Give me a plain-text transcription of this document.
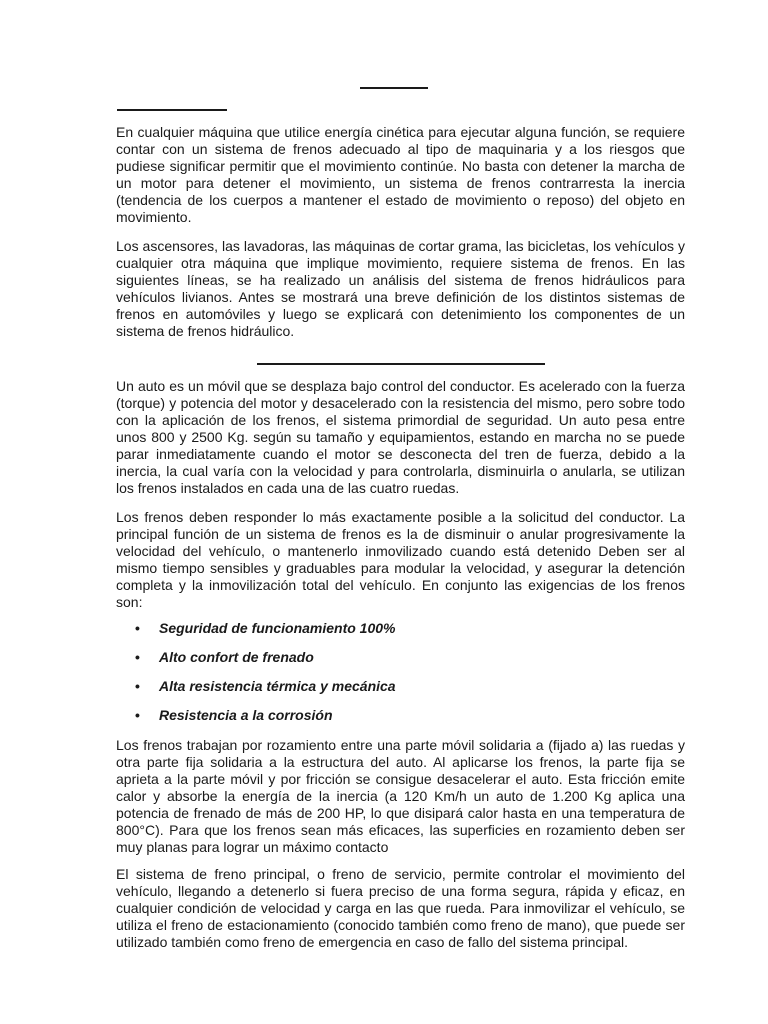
En cualquier máquina que utilice energía cinética para ejecutar alguna función, se requiere contar con un sistema de frenos adecuado al tipo de maquinaria y a los riesgos que pudiese significar permitir que el movimiento continúe. No basta con detener la marcha de un motor para detener el movimiento, un sistema de frenos contrarresta la inercia (tendencia de los cuerpos a mantener el estado de movimiento o reposo) del objeto en movimiento.

Los ascensores, las lavadoras, las máquinas de cortar grama, las bicicletas, los vehículos y cualquier otra máquina que implique movimiento, requiere sistema de frenos. En las siguientes líneas, se ha realizado un análisis del sistema de frenos hidráulicos para vehículos livianos. Antes se mostrará una breve definición de los distintos sistemas de frenos en automóviles y luego se explicará con detenimiento los componentes de un sistema de frenos hidráulico.

Un auto es un móvil que se desplaza bajo control del conductor. Es acelerado con la fuerza (torque) y potencia del motor y desacelerado con la resistencia del mismo, pero sobre todo con la aplicación de los frenos, el sistema primordial de seguridad. Un auto pesa entre unos 800 y 2500 Kg. según su tamaño y equipamientos, estando en marcha no se puede parar inmediatamente cuando el motor se desconecta del tren de fuerza, debido a la inercia, la cual varía con la velocidad y para controlarla, disminuirla o anularla, se utilizan los frenos instalados en cada una de las cuatro ruedas.

Los frenos deben responder lo más exactamente posible a la solicitud del conductor. La principal función de un sistema de frenos es la de disminuir o anular progresivamente la velocidad del vehículo, o mantenerlo inmovilizado cuando está detenido Deben ser al mismo tiempo sensibles y graduables para modular la velocidad, y asegurar la detención completa y la inmovilización total del vehículo. En conjunto las exigencias de los frenos son:

• Seguridad de funcionamiento 100%
• Alto confort de frenado
• Alta resistencia térmica y mecánica
• Resistencia a la corrosión

Los frenos trabajan por rozamiento entre una parte móvil solidaria a (fijado a) las ruedas y otra parte fija solidaria a la estructura del auto. Al aplicarse los frenos, la parte fija se aprieta a la parte móvil y por fricción se consigue desacelerar el auto. Esta fricción emite calor y absorbe la energía de la inercia (a 120 Km/h un auto de 1.200 Kg aplica una potencia de frenado de más de 200 HP, lo que disipará calor hasta en una temperatura de 800°C). Para que los frenos sean más eficaces, las superficies en rozamiento deben ser muy planas para lograr un máximo contacto

El sistema de freno principal, o freno de servicio, permite controlar el movimiento del vehículo, llegando a detenerlo si fuera preciso de una forma segura, rápida y eficaz, en cualquier condición de velocidad y carga en las que rueda. Para inmovilizar el vehículo, se utiliza el freno de estacionamiento (conocido también como freno de mano), que puede ser utilizado también como freno de emergencia en caso de fallo del sistema principal.
